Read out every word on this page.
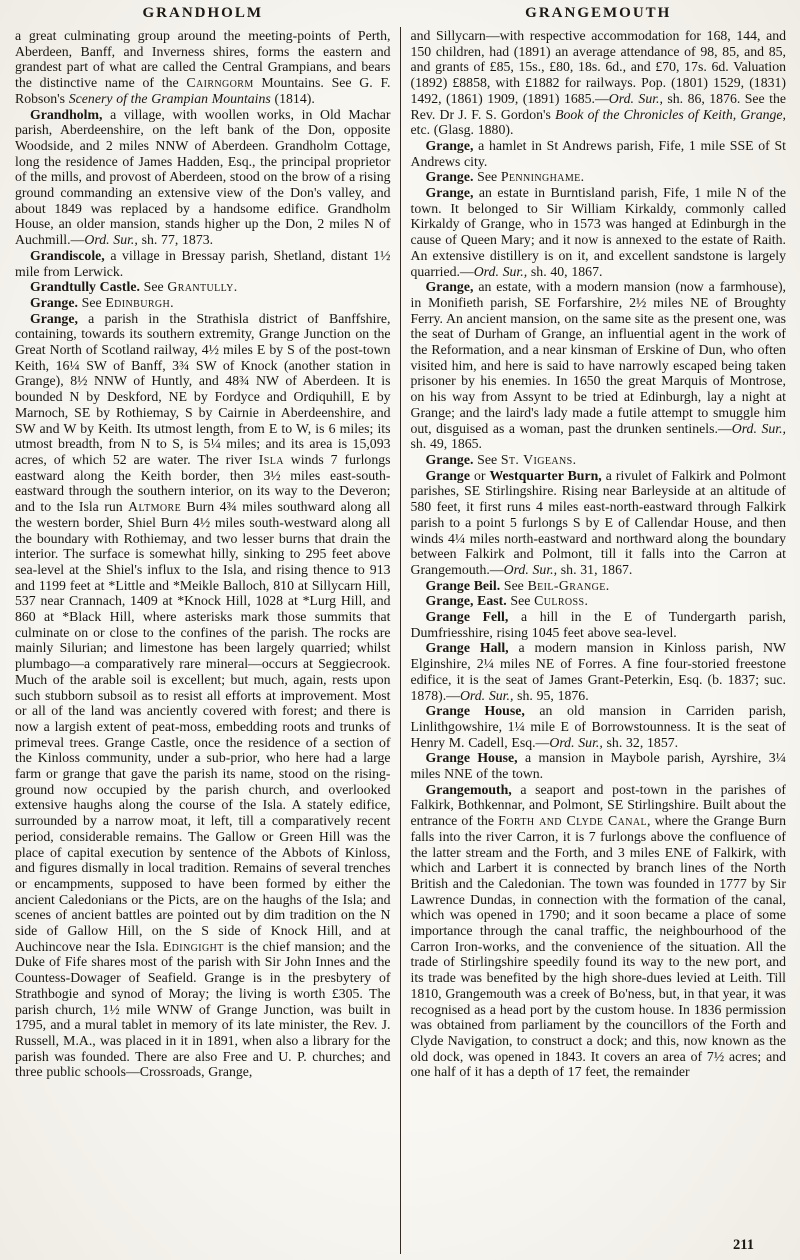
GRANDHOLM

a great culminating group around the meeting-points of Perth, Aberdeen, Banff, and Inverness shires, forms the eastern and grandest part of what are called the Central Grampians, and bears the distinctive name of the Cairngorm Mountains. See G. F. Robson's Scenery of the Grampian Mountains (1814).

Grandholm, a village, with woollen works, in Old Machar parish, Aberdeenshire, on the left bank of the Don, opposite Woodside, and 2 miles NNW of Aberdeen. Grandholm Cottage, long the residence of James Hadden, Esq., the principal proprietor of the mills, and provost of Aberdeen, stood on the brow of a rising ground commanding an extensive view of the Don's valley, and about 1849 was replaced by a handsome edifice. Grandholm House, an older mansion, stands higher up the Don, 2 miles N of Auchmill.—Ord. Sur., sh. 77, 1873.

Grandiscole, a village in Bressay parish, Shetland, distant 1½ mile from Lerwick.

Grandtully Castle. See Grantully.

Grange. See Edinburgh.

Grange, a parish in the Strathisla district of Banffshire, containing, towards its southern extremity, Grange Junction on the Great North of Scotland railway, 4½ miles E by S of the post-town Keith, 16¼ SW of Banff, 3¾ SW of Knock (another station in Grange), 8½ NNW of Huntly, and 48¾ NW of Aberdeen. It is bounded N by Deskford, NE by Fordyce and Ordiquhill, E by Marnoch, SE by Rothiemay, S by Cairnie in Aberdeenshire, and SW and W by Keith. Its utmost length, from E to W, is 6 miles; its utmost breadth, from N to S, is 5¼ miles; and its area is 15,093 acres, of which 52 are water. The river Isla winds 7 furlongs eastward along the Keith border, then 3½ miles east-south-eastward through the southern interior, on its way to the Deveron; and to the Isla run Altmore Burn 4¾ miles southward along all the western border, Shiel Burn 4½ miles south-westward along all the boundary with Rothiemay, and two lesser burns that drain the interior. The surface is somewhat hilly, sinking to 295 feet above sea-level at the Shiel's influx to the Isla, and rising thence to 913 and 1199 feet at *Little and *Meikle Balloch, 810 at Sillycarn Hill, 537 near Crannach, 1409 at *Knock Hill, 1028 at *Lurg Hill, and 860 at *Black Hill, where asterisks mark those summits that culminate on or close to the confines of the parish. The rocks are mainly Silurian; and limestone has been largely quarried; whilst plumbago—a comparatively rare mineral—occurs at Seggiecrook. Much of the arable soil is excellent; but much, again, rests upon such stubborn subsoil as to resist all efforts at improvement. Most or all of the land was anciently covered with forest; and there is now a largish extent of peat-moss, embedding roots and trunks of primeval trees. Grange Castle, once the residence of a section of the Kinloss community, under a sub-prior, who here had a large farm or grange that gave the parish its name, stood on the rising-ground now occupied by the parish church, and overlooked extensive haughs along the course of the Isla. A stately edifice, surrounded by a narrow moat, it left, till a comparatively recent period, considerable remains. The Gallow or Green Hill was the place of capital execution by sentence of the Abbots of Kinloss, and figures dismally in local tradition. Remains of several trenches or encampments, supposed to have been formed by either the ancient Caledonians or the Picts, are on the haughs of the Isla; and scenes of ancient battles are pointed out by dim tradition on the N side of Gallow Hill, on the S side of Knock Hill, and at Auchincove near the Isla. Edingight is the chief mansion; and the Duke of Fife shares most of the parish with Sir John Innes and the Countess-Dowager of Seafield. Grange is in the presbytery of Strathbogie and synod of Moray; the living is worth £305. The parish church, 1½ mile WNW of Grange Junction, was built in 1795, and a mural tablet in memory of its late minister, the Rev. J. Russell, M.A., was placed in it in 1891, when also a library for the parish was founded. There are also Free and U. P. churches; and three public schools—Crossroads, Grange,

GRANGEMOUTH

and Sillycarn—with respective accommodation for 168, 144, and 150 children, had (1891) an average attendance of 98, 85, and 85, and grants of £85, 15s., £80, 18s. 6d., and £70, 17s. 6d. Valuation (1892) £8858, with £1882 for railways. Pop. (1801) 1529, (1831) 1492, (1861) 1909, (1891) 1685.—Ord. Sur., sh. 86, 1876. See the Rev. Dr J. F. S. Gordon's Book of the Chronicles of Keith, Grange, etc. (Glasg. 1880).

Grange, a hamlet in St Andrews parish, Fife, 1 mile SSE of St Andrews city.

Grange. See Penninghame.

Grange, an estate in Burntisland parish, Fife, 1 mile N of the town. It belonged to Sir William Kirkaldy, commonly called Kirkaldy of Grange, who in 1573 was hanged at Edinburgh in the cause of Queen Mary; and it now is annexed to the estate of Raith. An extensive distillery is on it, and excellent sandstone is largely quarried.—Ord. Sur., sh. 40, 1867.

Grange, an estate, with a modern mansion (now a farmhouse), in Monifieth parish, SE Forfarshire, 2½ miles NE of Broughty Ferry. An ancient mansion, on the same site as the present one, was the seat of Durham of Grange, an influential agent in the work of the Reformation, and a near kinsman of Erskine of Dun, who often visited him, and here is said to have narrowly escaped being taken prisoner by his enemies. In 1650 the great Marquis of Montrose, on his way from Assynt to be tried at Edinburgh, lay a night at Grange; and the laird's lady made a futile attempt to smuggle him out, disguised as a woman, past the drunken sentinels.—Ord. Sur., sh. 49, 1865.

Grange. See St. Vigeans.

Grange or Westquarter Burn, a rivulet of Falkirk and Polmont parishes, SE Stirlingshire. Rising near Barleyside at an altitude of 580 feet, it first runs 4 miles east-north-eastward through Falkirk parish to a point 5 furlongs S by E of Callendar House, and then winds 4¼ miles north-eastward and northward along the boundary between Falkirk and Polmont, till it falls into the Carron at Grangemouth.—Ord. Sur., sh. 31, 1867.

Grange Beil. See Beil-Grange.

Grange, East. See Culross.

Grange Fell, a hill in the E of Tundergarth parish, Dumfriesshire, rising 1045 feet above sea-level.

Grange Hall, a modern mansion in Kinloss parish, NW Elginshire, 2¼ miles NE of Forres. A fine four-storied freestone edifice, it is the seat of James Grant-Peterkin, Esq. (b. 1837; suc. 1878).—Ord. Sur., sh. 95, 1876.

Grange House, an old mansion in Carriden parish, Linlithgowshire, 1¼ mile E of Borrowstounness. It is the seat of Henry M. Cadell, Esq.—Ord. Sur., sh. 32, 1857.

Grange House, a mansion in Maybole parish, Ayrshire, 3¼ miles NNE of the town.

Grangemouth, a seaport and post-town in the parishes of Falkirk, Bothkennar, and Polmont, SE Stirlingshire. Built about the entrance of the Forth and Clyde Canal, where the Grange Burn falls into the river Carron, it is 7 furlongs above the confluence of the latter stream and the Forth, and 3 miles ENE of Falkirk, with which and Larbert it is connected by branch lines of the North British and the Caledonian. The town was founded in 1777 by Sir Lawrence Dundas, in connection with the formation of the canal, which was opened in 1790; and it soon became a place of some importance through the canal traffic, the neighbourhood of the Carron Iron-works, and the convenience of the situation. All the trade of Stirlingshire speedily found its way to the new port, and its trade was benefited by the high shore-dues levied at Leith. Till 1810, Grangemouth was a creek of Bo'ness, but, in that year, it was recognised as a head port by the custom house. In 1836 permission was obtained from parliament by the councillors of the Forth and Clyde Navigation, to construct a dock; and this, now known as the old dock, was opened in 1843. It covers an area of 7½ acres; and one half of it has a depth of 17 feet, the remainder

211
